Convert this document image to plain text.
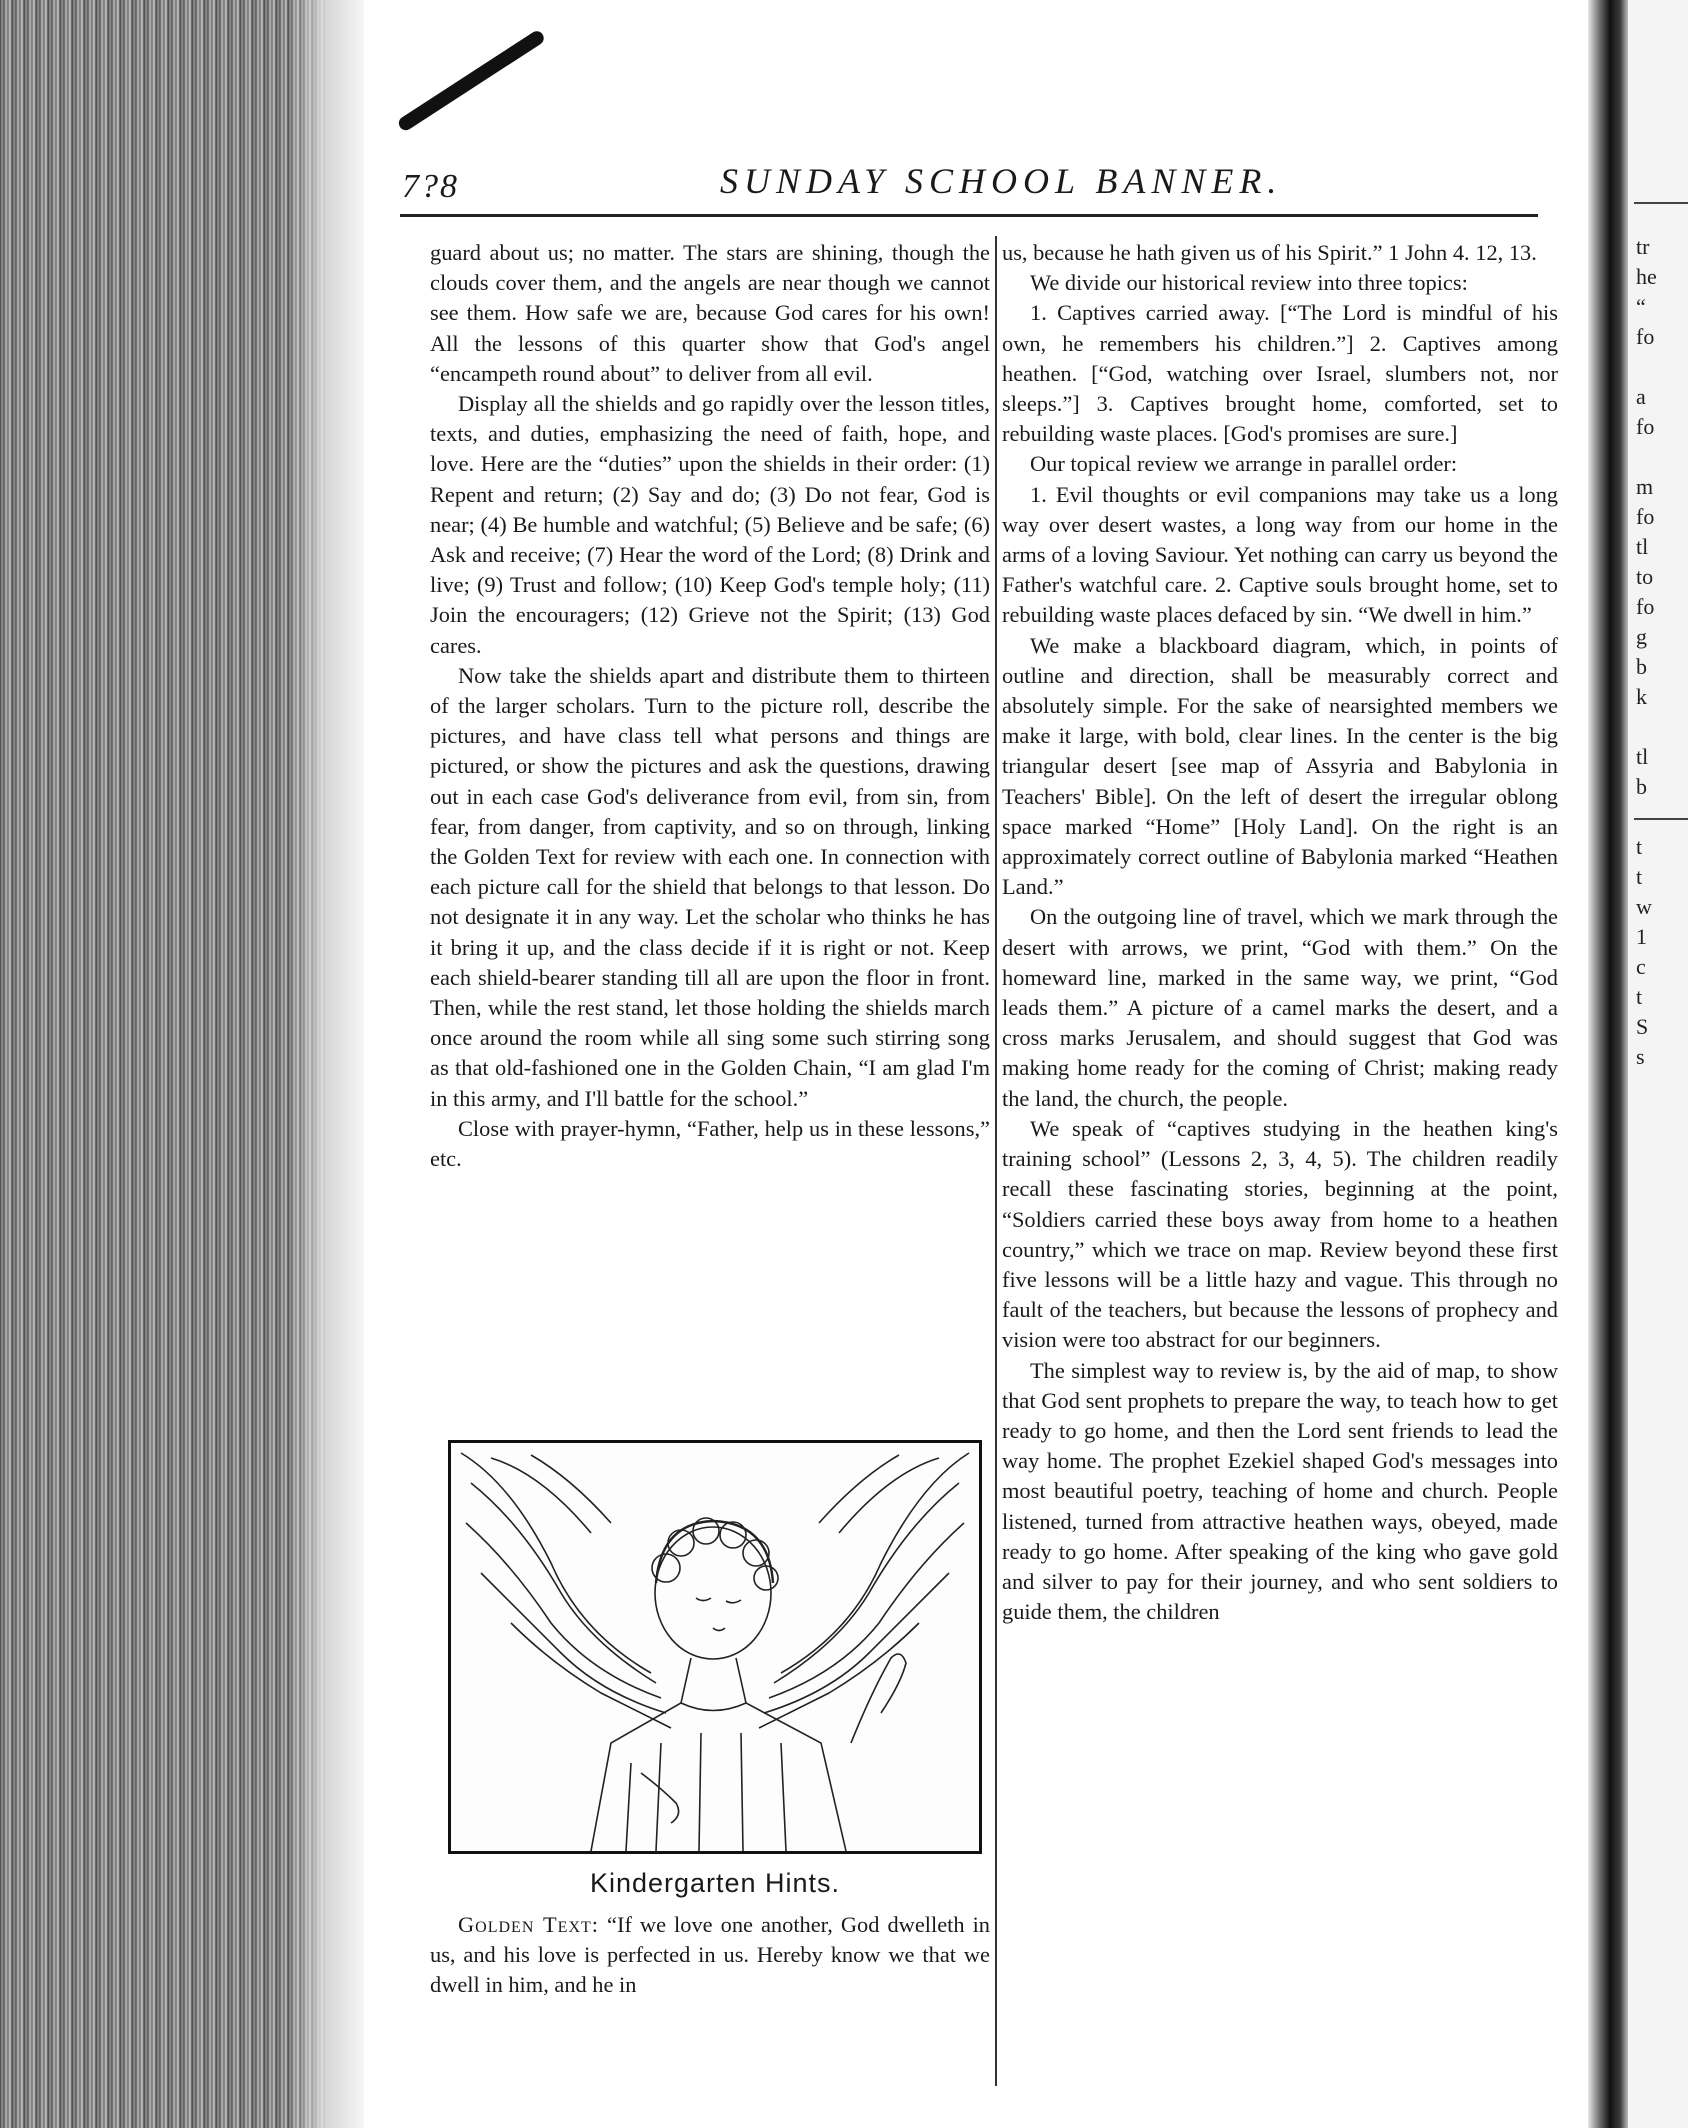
7?8	SUNDAY SCHOOL BANNER.

guard about us; no matter. The stars are shining, though the clouds cover them, and the angels are near though we cannot see them. How safe we are, because God cares for his own! All the lessons of this quarter show that God's angel “encampeth round about” to deliver from all evil.

Display all the shields and go rapidly over the lesson titles, texts, and duties, emphasizing the need of faith, hope, and love. Here are the “duties” upon the shields in their order: (1) Repent and return; (2) Say and do; (3) Do not fear, God is near; (4) Be humble and watchful; (5) Believe and be safe; (6) Ask and receive; (7) Hear the word of the Lord; (8) Drink and live; (9) Trust and follow; (10) Keep God's temple holy; (11) Join the encouragers; (12) Grieve not the Spirit; (13) God cares.

Now take the shields apart and distribute them to thirteen of the larger scholars. Turn to the picture roll, describe the pictures, and have class tell what persons and things are pictured, or show the pictures and ask the questions, drawing out in each case God's deliverance from evil, from sin, from fear, from danger, from captivity, and so on through, linking the Golden Text for review with each one. In connection with each picture call for the shield that belongs to that lesson. Do not designate it in any way. Let the scholar who thinks he has it bring it up, and the class decide if it is right or not. Keep each shield-bearer standing till all are upon the floor in front. Then, while the rest stand, let those holding the shields march once around the room while all sing some such stirring song as that old-fashioned one in the Golden Chain, “I am glad I'm in this army, and I'll battle for the school.”

Close with prayer-hymn, “Father, help us in these lessons,” etc.

Kindergarten Hints.

Golden Text: “If we love one another, God dwelleth in us, and his love is perfected in us. Hereby know we that we dwell in him, and he in

us, because he hath given us of his Spirit.” 1 John 4. 12, 13.

We divide our historical review into three topics:

1. Captives carried away. [“The Lord is mindful of his own, he remembers his children.”] 2. Captives among heathen. [“God, watching over Israel, slumbers not, nor sleeps.”] 3. Captives brought home, comforted, set to rebuilding waste places. [God's promises are sure.]

Our topical review we arrange in parallel order:

1. Evil thoughts or evil companions may take us a long way over desert wastes, a long way from our home in the arms of a loving Saviour. Yet nothing can carry us beyond the Father's watchful care. 2. Captive souls brought home, set to rebuilding waste places defaced by sin. “We dwell in him.”

We make a blackboard diagram, which, in points of outline and direction, shall be measurably correct and absolutely simple. For the sake of nearsighted members we make it large, with bold, clear lines. In the center is the big triangular desert [see map of Assyria and Babylonia in Teachers' Bible]. On the left of desert the irregular oblong space marked “Home” [Holy Land]. On the right is an approximately correct outline of Babylonia marked “Heathen Land.”

On the outgoing line of travel, which we mark through the desert with arrows, we print, “God with them.” On the homeward line, marked in the same way, we print, “God leads them.” A picture of a camel marks the desert, and a cross marks Jerusalem, and should suggest that God was making home ready for the coming of Christ; making ready the land, the church, the people.

We speak of “captives studying in the heathen king's training school” (Lessons 2, 3, 4, 5). The children readily recall these fascinating stories, beginning at the point, “Soldiers carried these boys away from home to a heathen country,” which we trace on map. Review beyond these first five lessons will be a little hazy and vague. This through no fault of the teachers, but because the lessons of prophecy and vision were too abstract for our beginners.

The simplest way to review is, by the aid of map, to show that God sent prophets to prepare the way, to teach how to get ready to go home, and then the Lord sent friends to lead the way home. The prophet Ezekiel shaped God's messages into most beautiful poetry, teaching of home and church. People listened, turned from attractive heathen ways, obeyed, made ready to go home. After speaking of the king who gave gold and silver to pay for their journey, and who sent soldiers to guide them, the children

tr
he
“
fo
a
fo
m
fo
tl
to
fo
g
b
k
tl
b
t
t
w
1
c
t
S
s
